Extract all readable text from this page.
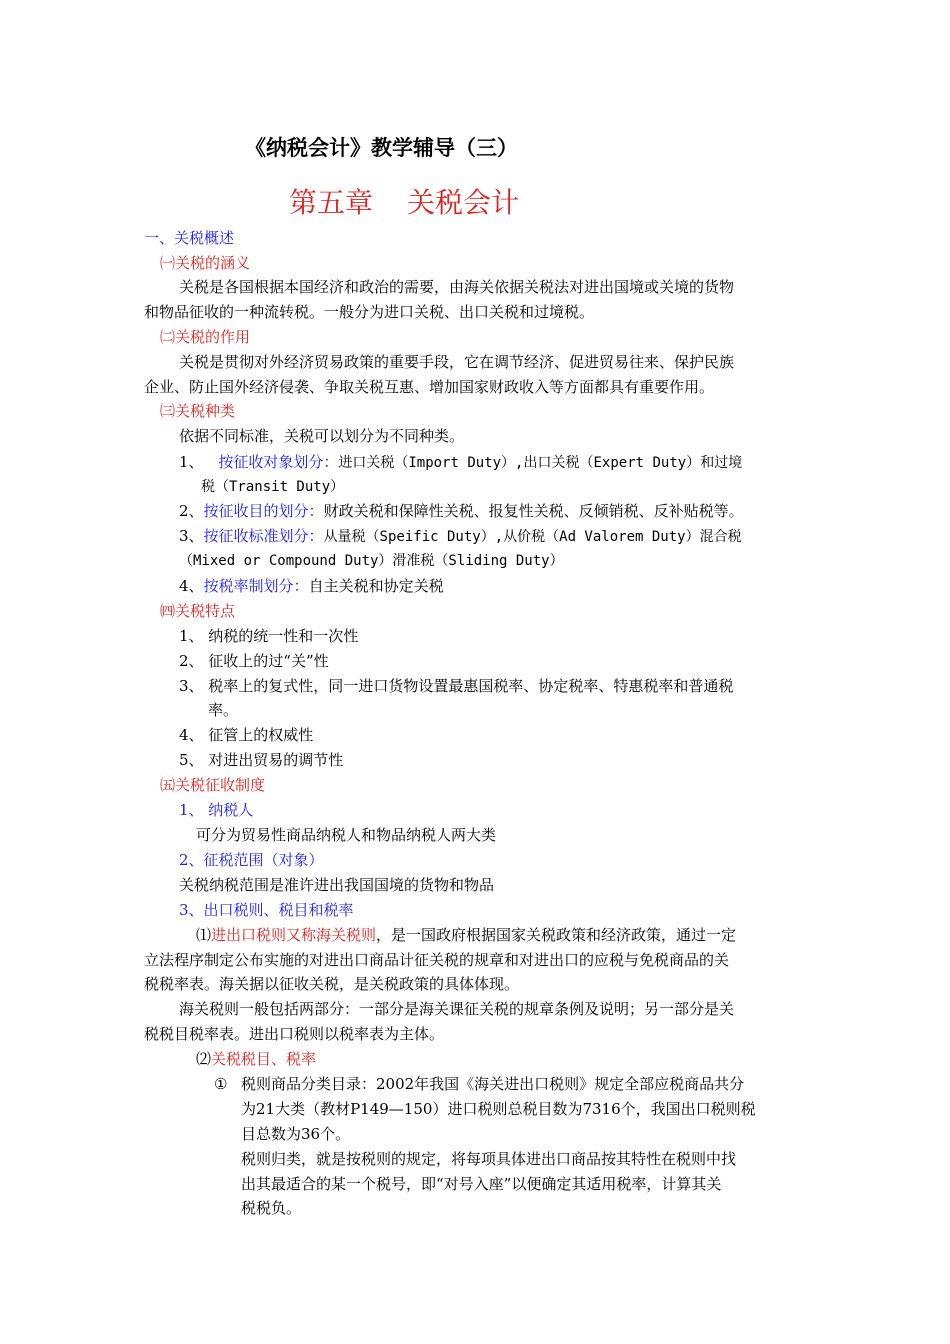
《纳税会计》教学辅导（三）
第五章 关税会计
一、关税概述
㈠关税的涵义
关税是各国根据本国经济和政治的需要，由海关依据关税法对进出国境或关境的货物
和物品征收的一种流转税。一般分为进口关税、出口关税和过境税。
㈡关税的作用
关税是贯彻对外经济贸易政策的重要手段，它在调节经济、促进贸易往来、保护民族
企业、防止国外经济侵袭、争取关税互惠、增加国家财政收入等方面都具有重要作用。
㈢关税种类
依据不同标准，关税可以划分为不同种类。
1、 按征收对象划分：进口关税（Import Duty）,出口关税（Expert Duty）和过境
税（Transit Duty）
2、按征收目的划分：财政关税和保障性关税、报复性关税、反倾销税、反补贴税等。
3、按征收标准划分：从量税（Speific Duty）,从价税（Ad Valorem Duty）混合税
（Mixed or Compound Duty）滑准税（Sliding Duty）
4、按税率制划分：自主关税和协定关税
㈣关税特点
1、 纳税的统一性和一次性
2、 征收上的过“关”性
3、 税率上的复式性，同一进口货物设置最惠国税率、协定税率、特惠税率和普通税
率。
4、 征管上的权威性
5、 对进出贸易的调节性
㈤关税征收制度
1、 纳税人
可分为贸易性商品纳税人和物品纳税人两大类
2、征税范围（对象）
关税纳税范围是准许进出我国国境的货物和物品
3、出口税则、税目和税率
⑴进出口税则又称海关税则，是一国政府根据国家关税政策和经济政策，通过一定
立法程序制定公布实施的对进出口商品计征关税的规章和对进出口的应税与免税商品的关
税税率表。海关据以征收关税，是关税政策的具体体现。
海关税则一般包括两部分：一部分是海关课征关税的规章条例及说明；另一部分是关
税税目税率表。进出口税则以税率表为主体。
⑵关税税目、税率
① 税则商品分类目录：2002年我国《海关进出口税则》规定全部应税商品共分
为21大类（教材P149—150）进口税则总税目数为7316个，我国出口税则税
目总数为36个。
税则归类，就是按税则的规定，将每项具体进出口商品按其特性在税则中找
出其最适合的某一个税号，即“对号入座”以便确定其适用税率，计算其关
税税负。
